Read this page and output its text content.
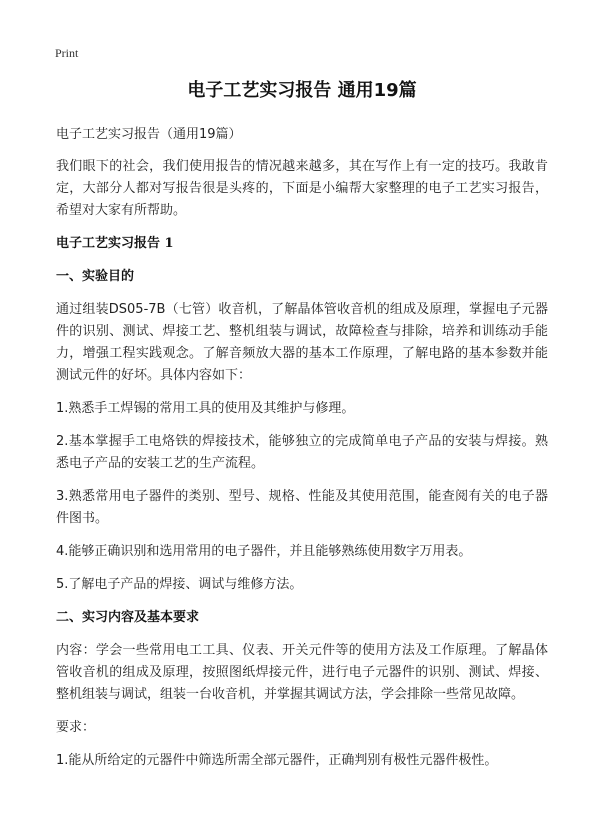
Print
电子工艺实习报告 通用19篇
电子工艺实习报告（通用19篇）
我们眼下的社会，我们使用报告的情况越来越多，其在写作上有一定的技巧。我敢肯定，大部分人都对写报告很是头疼的，下面是小编帮大家整理的电子工艺实习报告，希望对大家有所帮助。
电子工艺实习报告 1
一、实验目的
通过组装DS05-7B（七管）收音机，了解晶体管收音机的组成及原理，掌握电子元器件的识别、测试、焊接工艺、整机组装与调试，故障检查与排除，培养和训练动手能力，增强工程实践观念。了解音频放大器的基本工作原理，了解电路的基本参数并能测试元件的好坏。具体内容如下：
1.熟悉手工焊锡的常用工具的使用及其维护与修理。
2.基本掌握手工电烙铁的焊接技术，能够独立的完成简单电子产品的安装与焊接。熟悉电子产品的安装工艺的生产流程。
3.熟悉常用电子器件的类别、型号、规格、性能及其使用范围，能查阅有关的电子器件图书。
4.能够正确识别和选用常用的电子器件，并且能够熟练使用数字万用表。
5.了解电子产品的焊接、调试与维修方法。
二、实习内容及基本要求
内容：学会一些常用电工工具、仪表、开关元件等的使用方法及工作原理。了解晶体管收音机的组成及原理，按照图纸焊接元件，进行电子元器件的识别、测试、焊接、整机组装与调试，组装一台收音机，并掌握其调试方法，学会排除一些常见故障。
要求：
1.能从所给定的元器件中筛选所需全部元器件，正确判别有极性元器件极性。
